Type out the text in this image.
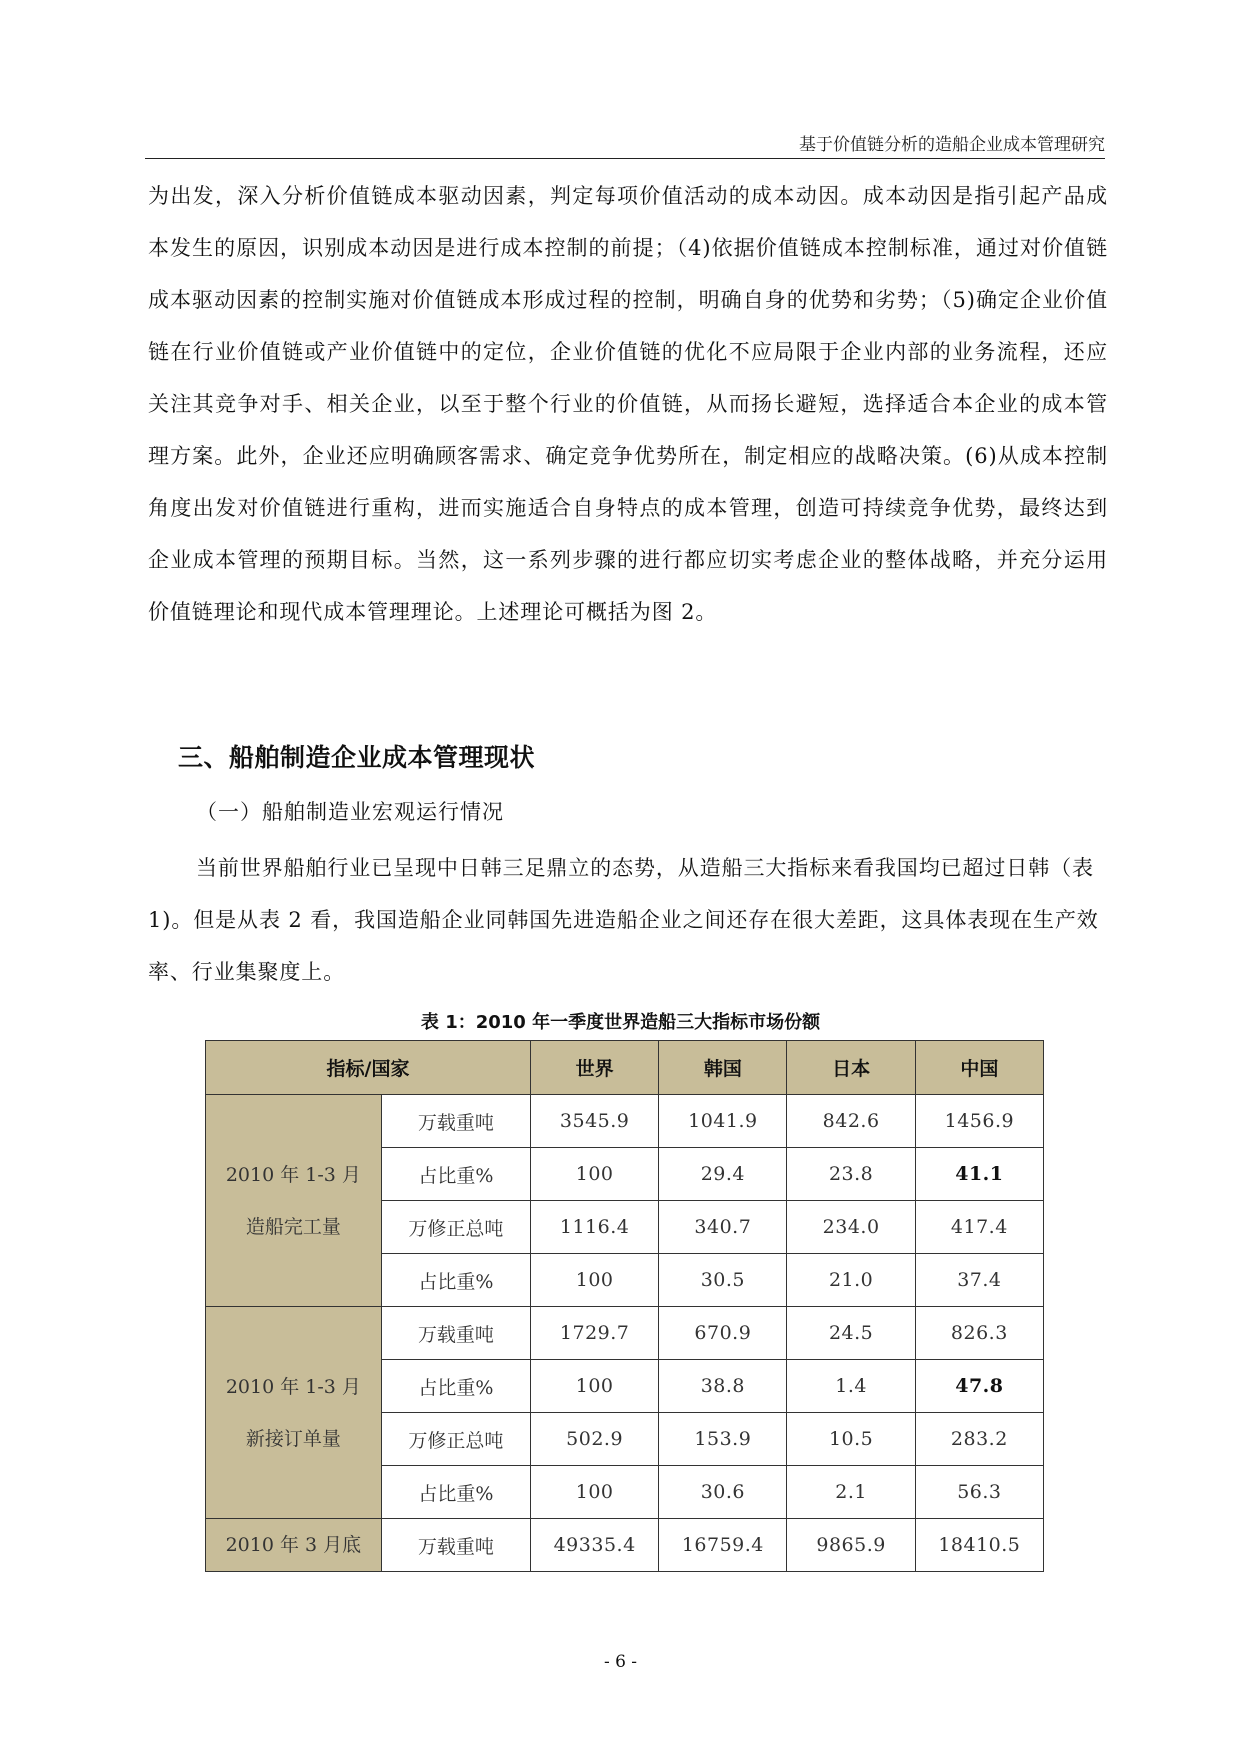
基于价值链分析的造船企业成本管理研究

为出发，深入分析价值链成本驱动因素，判定每项价值活动的成本动因。成本动因是指引起产品成本发生的原因，识别成本动因是进行成本控制的前提；（4)依据价值链成本控制标准，通过对价值链成本驱动因素的控制实施对价值链成本形成过程的控制，明确自身的优势和劣势；（5)确定企业价值链在行业价值链或产业价值链中的定位，企业价值链的优化不应局限于企业内部的业务流程，还应关注其竞争对手、相关企业，以至于整个行业的价值链，从而扬长避短，选择适合本企业的成本管理方案。此外，企业还应明确顾客需求、确定竞争优势所在，制定相应的战略决策。(6)从成本控制角度出发对价值链进行重构，进而实施适合自身特点的成本管理，创造可持续竞争优势，最终达到企业成本管理的预期目标。当然，这一系列步骤的进行都应切实考虑企业的整体战略，并充分运用价值链理论和现代成本管理理论。上述理论可概括为图 2。

三、船舶制造企业成本管理现状

（一）船舶制造业宏观运行情况

当前世界船舶行业已呈现中日韩三足鼎立的态势，从造船三大指标来看我国均已超过日韩（表 1)。但是从表 2 看，我国造船企业同韩国先进造船企业之间还存在很大差距，这具体表现在生产效率、行业集聚度上。

表 1：2010 年一季度世界造船三大指标市场份额
指标/国家		世界	韩国	日本	中国

2010 年 1-3 月
造船完工量	万载重吨	3545.9	1041.9	842.6	1456.9
	占比重%	100	29.4	23.8	41.1
	万修正总吨	1116.4	340.7	234.0	417.4
	占比重%	100	30.5	21.0	37.4

2010 年 1-3 月
新接订单量	万载重吨	1729.7	670.9	24.5	826.3
	占比重%	100	38.8	1.4	47.8
	万修正总吨	502.9	153.9	10.5	283.2
	占比重%	100	30.6	2.1	56.3
2010 年 3 月底	万载重吨	49335.4	16759.4	9865.9	18410.5
- 6 -
